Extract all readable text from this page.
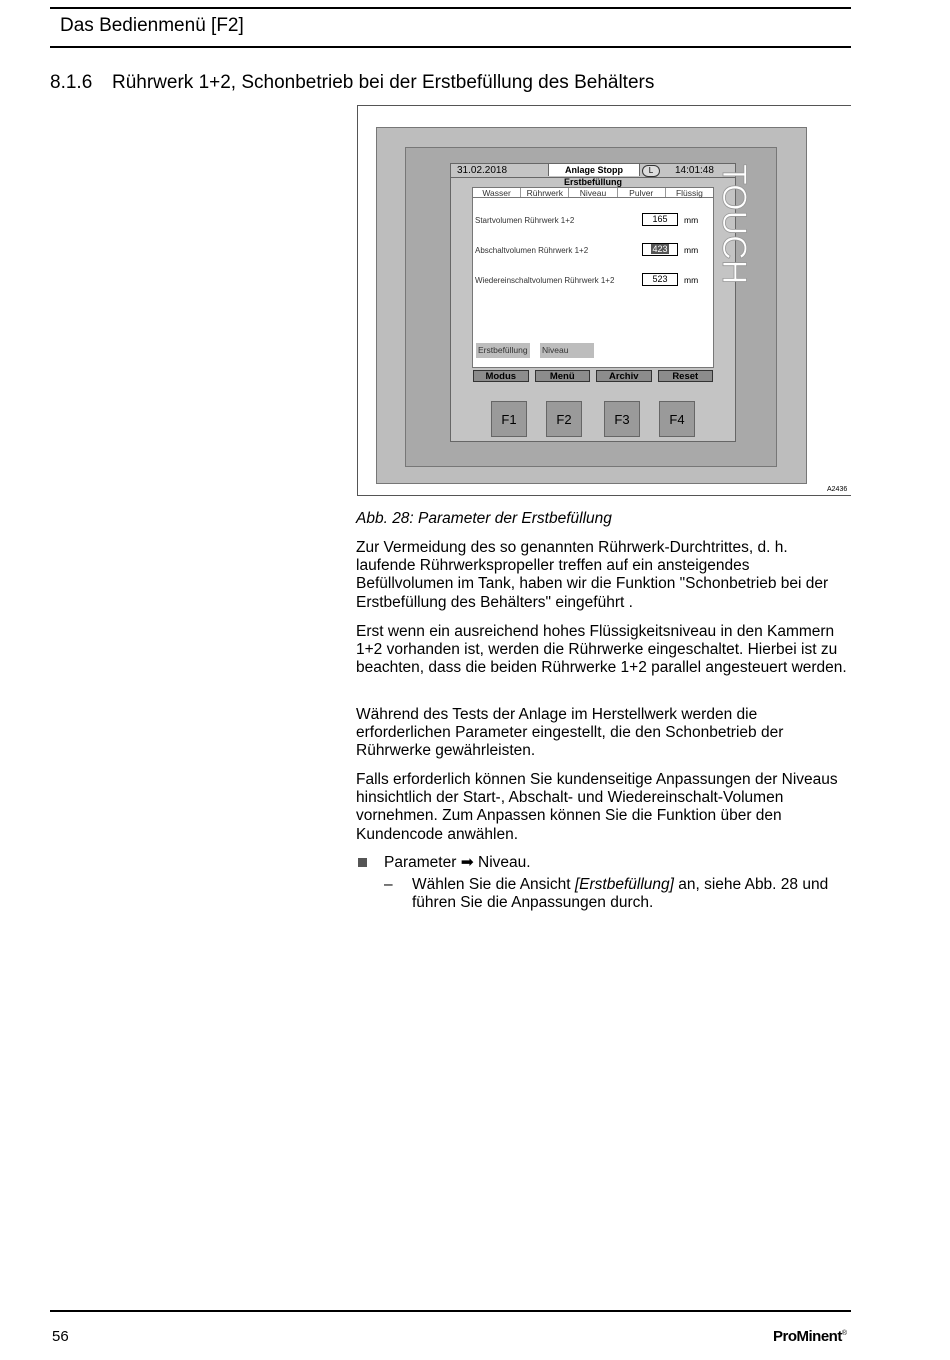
Das Bedienmenü [F2]
8.1.6 Rührwerk 1+2, Schonbetrieb bei der Erstbefüllung des Behälters
31.02.2018	Anlage Stopp	L	14:01:48
Erstbefüllung
Wasser	Rührwerk	Niveau	Pulver	Flüssig
Startvolumen Rührwerk 1+2	165	mm
Abschaltvolumen Rührwerk 1+2	423	mm
Wiedereinschaltvolumen Rührwerk 1+2	523	mm
Erstbefüllung Niveau
Modus	Menü	Archiv	Reset
F1	F2	F3	F4
TOUCH
A2436
Abb. 28: Parameter der Erstbefüllung
Zur Vermeidung des so genannten Rührwerk-Durchtrittes, d. h. laufende Rührwerkspropeller treffen auf ein ansteigendes Befüllvolumen im Tank, haben wir die Funktion "Schonbetrieb bei der Erstbefüllung des Behälters" eingeführt .
Erst wenn ein ausreichend hohes Flüssigkeitsniveau in den Kammern 1+2 vorhanden ist, werden die Rührwerke eingeschaltet. Hierbei ist zu beachten, dass die beiden Rührwerke 1+2 parallel angesteuert werden.
Während des Tests der Anlage im Herstellwerk werden die erforderlichen Parameter eingestellt, die den Schonbetrieb der Rührwerke gewährleisten.
Falls erforderlich können Sie kundenseitige Anpassungen der Niveaus hinsichtlich der Start-, Abschalt- und Wiedereinschalt-Volumen vornehmen. Zum Anpassen können Sie die Funktion über den Kundencode anwählen.
Parameter ➡ Niveau.
– Wählen Sie die Ansicht [Erstbefüllung] an, siehe Abb. 28 und führen Sie die Anpassungen durch.
56	ProMinent®
